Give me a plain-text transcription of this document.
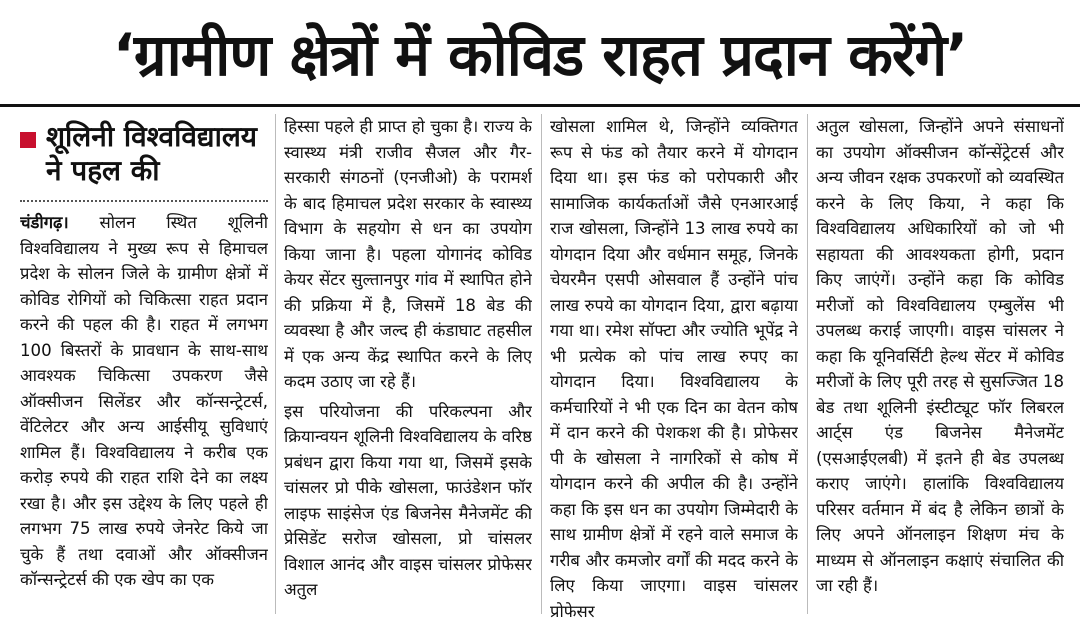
‘ग्रामीण क्षेत्रों में कोविड राहत प्रदान करेंगे’
शूलिनी विश्वविद्यालय
ने पहल की

चंडीगढ़। सोलन स्थित शूलिनी विश्वविद्यालय ने मुख्य रूप से हिमाचल प्रदेश के सोलन जिले के ग्रामीण क्षेत्रों में कोविड रोगियों को चिकित्सा राहत प्रदान करने की पहल की है। राहत में लगभग 100 बिस्तरों के प्रावधान के साथ-साथ आवश्यक चिकित्सा उपकरण जैसे ऑक्सीजन सिलेंडर और कॉन्सन्ट्रेटर्स, वेंटिलेटर और अन्य आईसीयू सुविधाएं शामिल हैं। विश्वविद्यालय ने करीब एक करोड़ रुपये की राहत राशि देने का लक्ष्य रखा है। और इस उद्देश्य के लिए पहले ही लगभग 75 लाख रुपये जेनरेट किये जा चुके हैं तथा दवाओं और ऑक्सीजन कॉन्सन्ट्रेटर्स की एक खेप का एक

हिस्सा पहले ही प्राप्त हो चुका है। राज्य के स्वास्थ्य मंत्री राजीव सैजल और गैर-सरकारी संगठनों (एनजीओ) के परामर्श के बाद हिमाचल प्रदेश सरकार के स्वास्थ्य विभाग के सहयोग से धन का उपयोग किया जाना है। पहला योगानंद कोविड केयर सेंटर सुल्तानपुर गांव में स्थापित होने की प्रक्रिया में है, जिसमें 18 बेड की व्यवस्था है और जल्द ही कंडाघाट तहसील में एक अन्य केंद्र स्थापित करने के लिए कदम उठाए जा रहे हैं।

इस परियोजना की परिकल्पना और क्रियान्वयन शूलिनी विश्वविद्यालय के वरिष्ठ प्रबंधन द्वारा किया गया था, जिसमें इसके चांसलर प्रो पीके खोसला, फाउंडेशन फॉर लाइफ साइंसेज एंड बिजनेस मैनेजमेंट की प्रेसिडेंट सरोज खोसला, प्रो चांसलर विशाल आनंद और वाइस चांसलर प्रोफेसर अतुल

खोसला शामिल थे, जिन्होंने व्यक्तिगत रूप से फंड को तैयार करने में योगदान दिया था। इस फंड को परोपकारी और सामाजिक कार्यकर्ताओं जैसे एनआरआई राज खोसला, जिन्होंने 13 लाख रुपये का योगदान दिया और वर्धमान समूह, जिनके चेयरमैन एसपी ओसवाल हैं उन्होंने पांच लाख रुपये का योगदान दिया, द्वारा बढ़ाया गया था। रमेश सॉफ्टा और ज्योति भूपेंद्र ने भी प्रत्येक को पांच लाख रुपए का योगदान दिया। विश्वविद्यालय के कर्मचारियों ने भी एक दिन का वेतन कोष में दान करने की पेशकश की है। प्रोफेसर पी के खोसला ने नागरिकों से कोष में योगदान करने की अपील की है। उन्होंने कहा कि इस धन का उपयोग जिम्मेदारी के साथ ग्रामीण क्षेत्रों में रहने वाले समाज के गरीब और कमजोर वर्गों की मदद करने के लिए किया जाएगा। वाइस चांसलर प्रोफेसर

अतुल खोसला, जिन्होंने अपने संसाधनों का उपयोग ऑक्सीजन कॉन्सेंट्रेटर्स और अन्य जीवन रक्षक उपकरणों को व्यवस्थित करने के लिए किया, ने कहा कि विश्वविद्यालय अधिकारियों को जो भी सहायता की आवश्यकता होगी, प्रदान किए जाएंगें। उन्होंने कहा कि कोविड मरीजों को विश्वविद्यालय एम्बुलेंस भी उपलब्ध कराई जाएगी। वाइस चांसलर ने कहा कि यूनिवर्सिटी हेल्थ सेंटर में कोविड मरीजों के लिए पूरी तरह से सुसज्जित 18 बेड तथा शूलिनी इंस्टीट्यूट फॉर लिबरल आर्ट्स एंड बिजनेस मैनेजमेंट (एसआईएलबी) में इतने ही बेड उपलब्ध कराए जाएंगे। हालांकि विश्वविद्यालय परिसर वर्तमान में बंद है लेकिन छात्रों के लिए अपने ऑनलाइन शिक्षण मंच के माध्यम से ऑनलाइन कक्षाएं संचालित की जा रही हैं।
